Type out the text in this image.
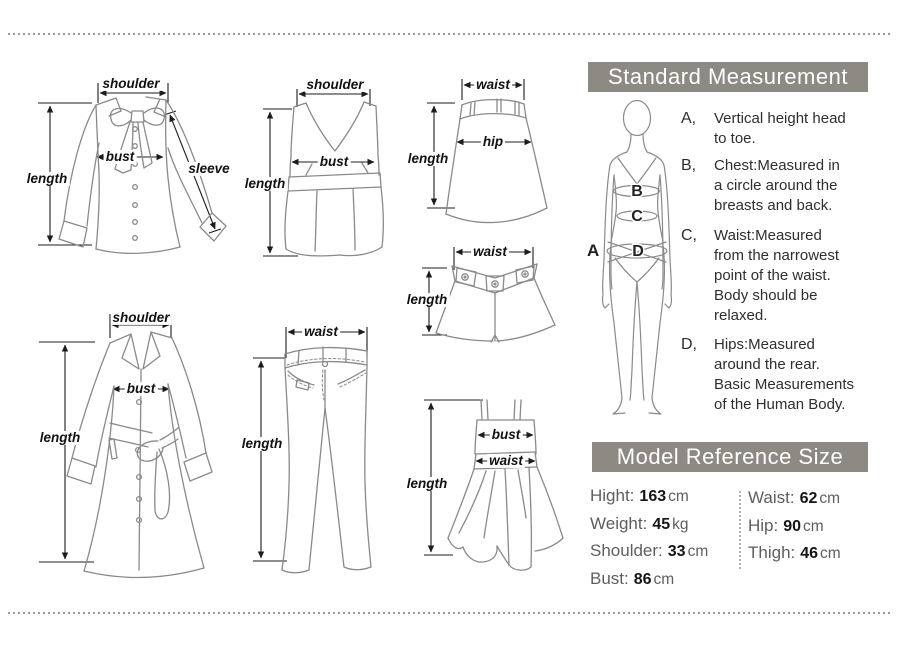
shoulder
bust
length
sleeve
shoulder
bust
length
waist
hip
length
waist
length
shoulder
bust
length
waist
length
bust
waist
length
Standard Measurement
A
B
C
D
A,	Vertical height head
to toe.
B,	Chest:Measured in
a circle around the
breasts and back.
C,	Waist:Measured
from the narrowest
point of the waist.
Body should be
relaxed.
D,	Hips:Measured
around the rear.
Basic Measurements
of the Human Body.
Model Reference Size
Hight: 163 cm
Weight: 45 kg
Shoulder: 33 cm
Bust: 86 cm
Waist: 62 cm
Hip: 90 cm
Thigh: 46 cm
